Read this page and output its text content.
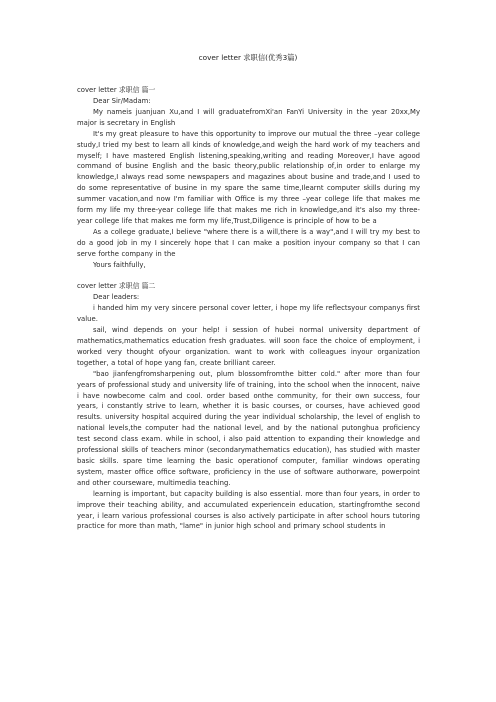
cover letter 求职信(优秀3篇)
cover letter 求职信 篇一
Dear Sir/Madam:

My nameis juanjuan Xu,and I will graduatefromXi'an FanYi University in the year 20xx,My major is secretary in English

It's my great pleasure to have this opportunity to improve our mutual the three –year college study,I tried my best to learn all kinds of knowledge,and weigh the hard work of my teachers and myself; I have mastered English listening,speaking,writing and reading Moreover,I have agood command of busine English and the basic theory,public relationship of,in order to enlarge my knowledge,I always read some newspapers and magazines about busine and trade,and I used to do some representative of busine in my spare the same time,Ilearnt computer skills during my summer vacation,and now I'm familiar with Office is my three –year college life that makes me form my life my three-year college life that makes me rich in knowledge,and it's also my three-year college life that makes me form my life,Trust,Diligence is principle of how to be a

As a college graduate,I believe "where there is a will,there is a way",and I will try my best to do a good job in my I sincerely hope that I can make a position inyour company so that I can serve forthe company in the

Yours faithfully,
cover letter 求职信 篇二
Dear leaders:

i handed him my very sincere personal cover letter, i hope my life reflectsyour companys first value.

sail, wind depends on your help! i session of hubei normal university department of mathematics,mathematics education fresh graduates. will soon face the choice of employment, i worked very thought ofyour organization. want to work with colleagues inyour organization together, a total of hope yang fan, create brilliant career.

"bao jianfengfromsharpening out, plum blossomfromthe bitter cold." after more than four years of professional study and university life of training, into the school when the innocent, naive i have nowbecome calm and cool. order based onthe community, for their own success, four years, i constantly strive to learn, whether it is basic courses, or courses, have achieved good results. university hospital acquired during the year individual scholarship, the level of english to national levels,the computer had the national level, and by the national putonghua proficiency test second class exam. while in school, i also paid attention to expanding their knowledge and professional skills of teachers minor (secondarymathematics education), has studied with master basic skills. spare time learning the basic operationof computer, familiar windows operating system, master office office software, proficiency in the use of software authorware, powerpoint and other courseware, multimedia teaching.

learning is important, but capacity building is also essential. more than four years, in order to improve their teaching ability, and accumulated experiencein education, startingfromthe second year, i learn various professional courses is also actively participate in after school hours tutoring practice for more than math, "lame" in junior high school and primary school students in
